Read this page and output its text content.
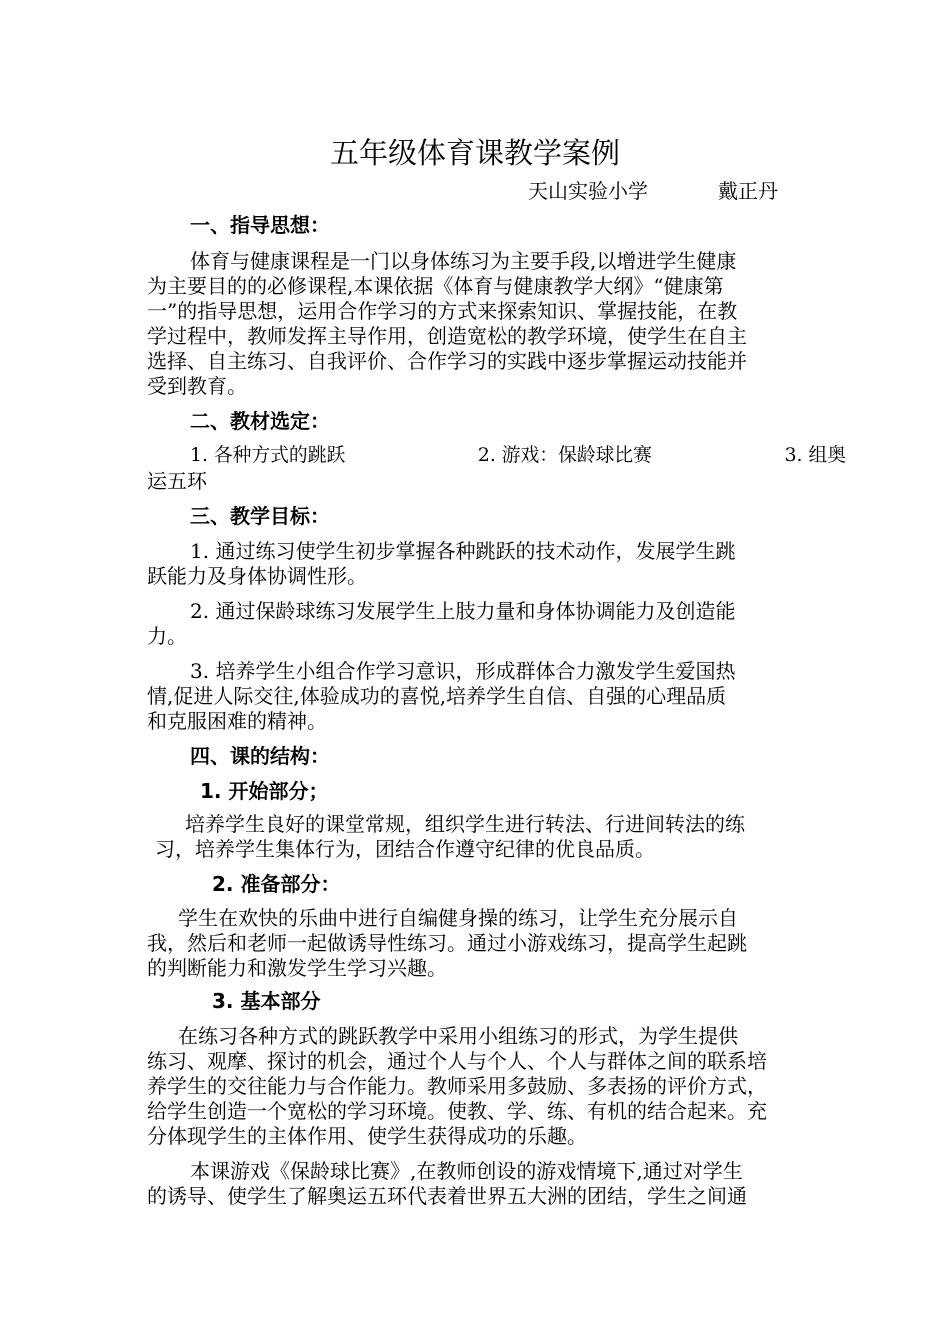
五年级体育课教学案例
天山实验小学	戴正丹
一、指导思想：
体育与健康课程是一门以身体练习为主要手段,以增进学生健康
为主要目的的必修课程,本课依据《体育与健康教学大纲》“健康第
一”的指导思想，运用合作学习的方式来探索知识、掌握技能，在教
学过程中，教师发挥主导作用，创造宽松的教学环境，使学生在自主
选择、自主练习、自我评价、合作学习的实践中逐步掌握运动技能并
受到教育。
二、教材选定：
1. 各种方式的跳跃	2. 游戏：保龄球比赛	3. 组奥
运五环
三、教学目标：
1. 通过练习使学生初步掌握各种跳跃的技术动作，发展学生跳
跃能力及身体协调性形。
2. 通过保龄球练习发展学生上肢力量和身体协调能力及创造能
力。
3. 培养学生小组合作学习意识，形成群体合力激发学生爱国热
情,促进人际交往,体验成功的喜悦,培养学生自信、自强的心理品质
和克服困难的精神。
四、课的结构：
1. 开始部分；
培养学生良好的课堂常规，组织学生进行转法、行进间转法的练
习，培养学生集体行为，团结合作遵守纪律的优良品质。
2. 准备部分：
学生在欢快的乐曲中进行自编健身操的练习，让学生充分展示自
我，然后和老师一起做诱导性练习。通过小游戏练习，提高学生起跳
的判断能力和激发学生学习兴趣。
3. 基本部分
在练习各种方式的跳跃教学中采用小组练习的形式，为学生提供
练习、观摩、探讨的机会，通过个人与个人、个人与群体之间的联系培
养学生的交往能力与合作能力。教师采用多鼓励、多表扬的评价方式，
给学生创造一个宽松的学习环境。使教、学、练、有机的结合起来。充
分体现学生的主体作用、使学生获得成功的乐趣。
本课游戏《保龄球比赛》,在教师创设的游戏情境下,通过对学生
的诱导、使学生了解奥运五环代表着世界五大洲的团结，学生之间通
